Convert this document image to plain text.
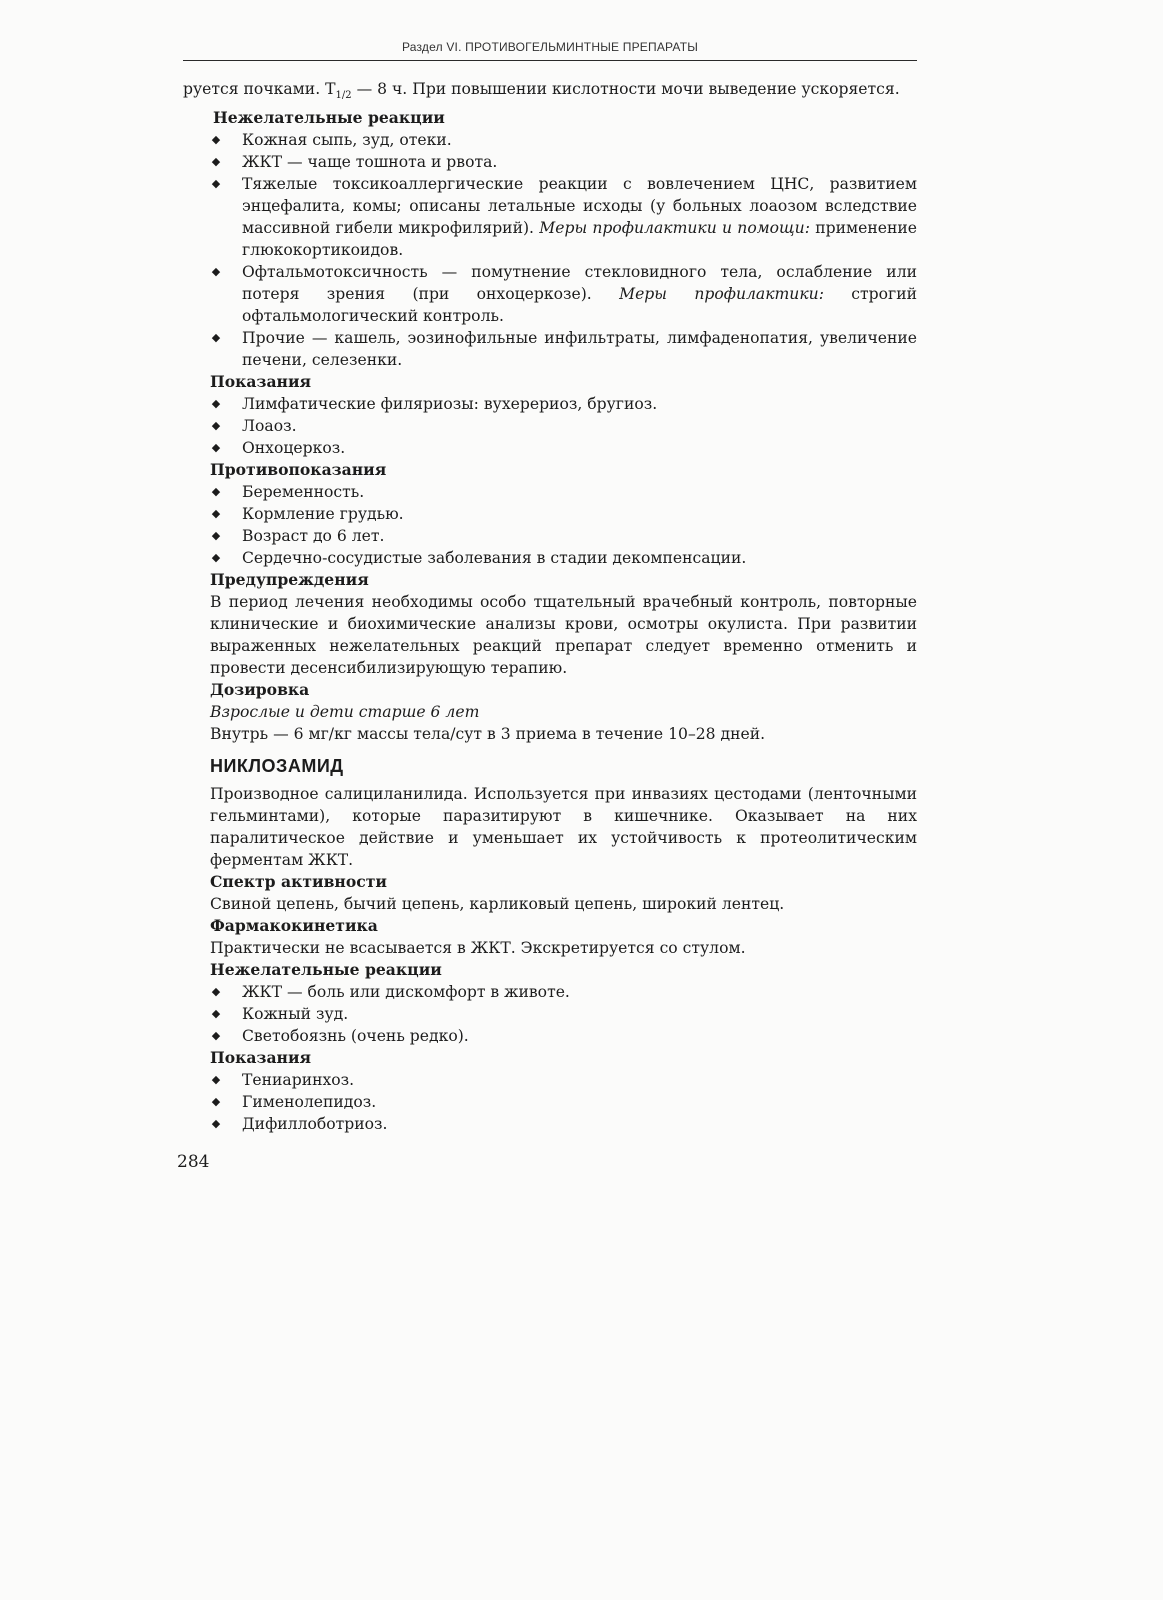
Раздел VI. ПРОТИВОГЕЛЬМИНТНЫЕ ПРЕПАРАТЫ

руется почками. $Т_{1/2}$ — 8 ч. При повышении кислотности мочи выведение ускоряется.

Нежелательные реакции
◆ Кожная сыпь, зуд, отеки.
◆ ЖКТ — чаще тошнота и рвота.
◆ Тяжелые токсикоаллергические реакции с вовлечением ЦНС, развитием энцефалита, комы; описаны летальные исходы (у больных лоаозом вследствие массивной гибели микрофилярий). Меры профилактики и помощи: применение глюкокортикоидов.
◆ Офтальмотоксичность — помутнение стекловидного тела, ослабление или потеря зрения (при онхоцеркозе). Меры профилактики: строгий офтальмологический контроль.
◆ Прочие — кашель, эозинофильные инфильтраты, лимфаденопатия, увеличение печени, селезенки.
Показания
◆ Лимфатические филяриозы: вухерериоз, бругиоз.
◆ Лоаоз.
◆ Онхоцеркоз.
Противопоказания
◆ Беременность.
◆ Кормление грудью.
◆ Возраст до 6 лет.
◆ Сердечно-сосудистые заболевания в стадии декомпенсации.
Предупреждения

В период лечения необходимы особо тщательный врачебный контроль, повторные клинические и биохимические анализы крови, осмотры окулиста. При развитии выраженных нежелательных реакций препарат следует временно отменить и провести десенсибилизирующую терапию.

Дозировка

Взрослые и дети старше 6 лет

Внутрь — 6 мг/кг массы тела/сут в 3 приема в течение 10–28 дней.

НИКЛОЗАМИД

Производное салициланилида. Используется при инвазиях цестодами (ленточными гельминтами), которые паразитируют в кишечнике. Оказывает на них паралитическое действие и уменьшает их устойчивость к протеолитическим ферментам ЖКТ.

Спектр активности

Свиной цепень, бычий цепень, карликовый цепень, широкий лентец.

Фармакокинетика

Практически не всасывается в ЖКТ. Экскретируется со стулом.

Нежелательные реакции
◆ ЖКТ — боль или дискомфорт в животе.
◆ Кожный зуд.
◆ Светобоязнь (очень редко).
Показания
◆ Тениаринхоз.
◆ Гименолепидоз.
◆ Дифиллоботриоз.
284
